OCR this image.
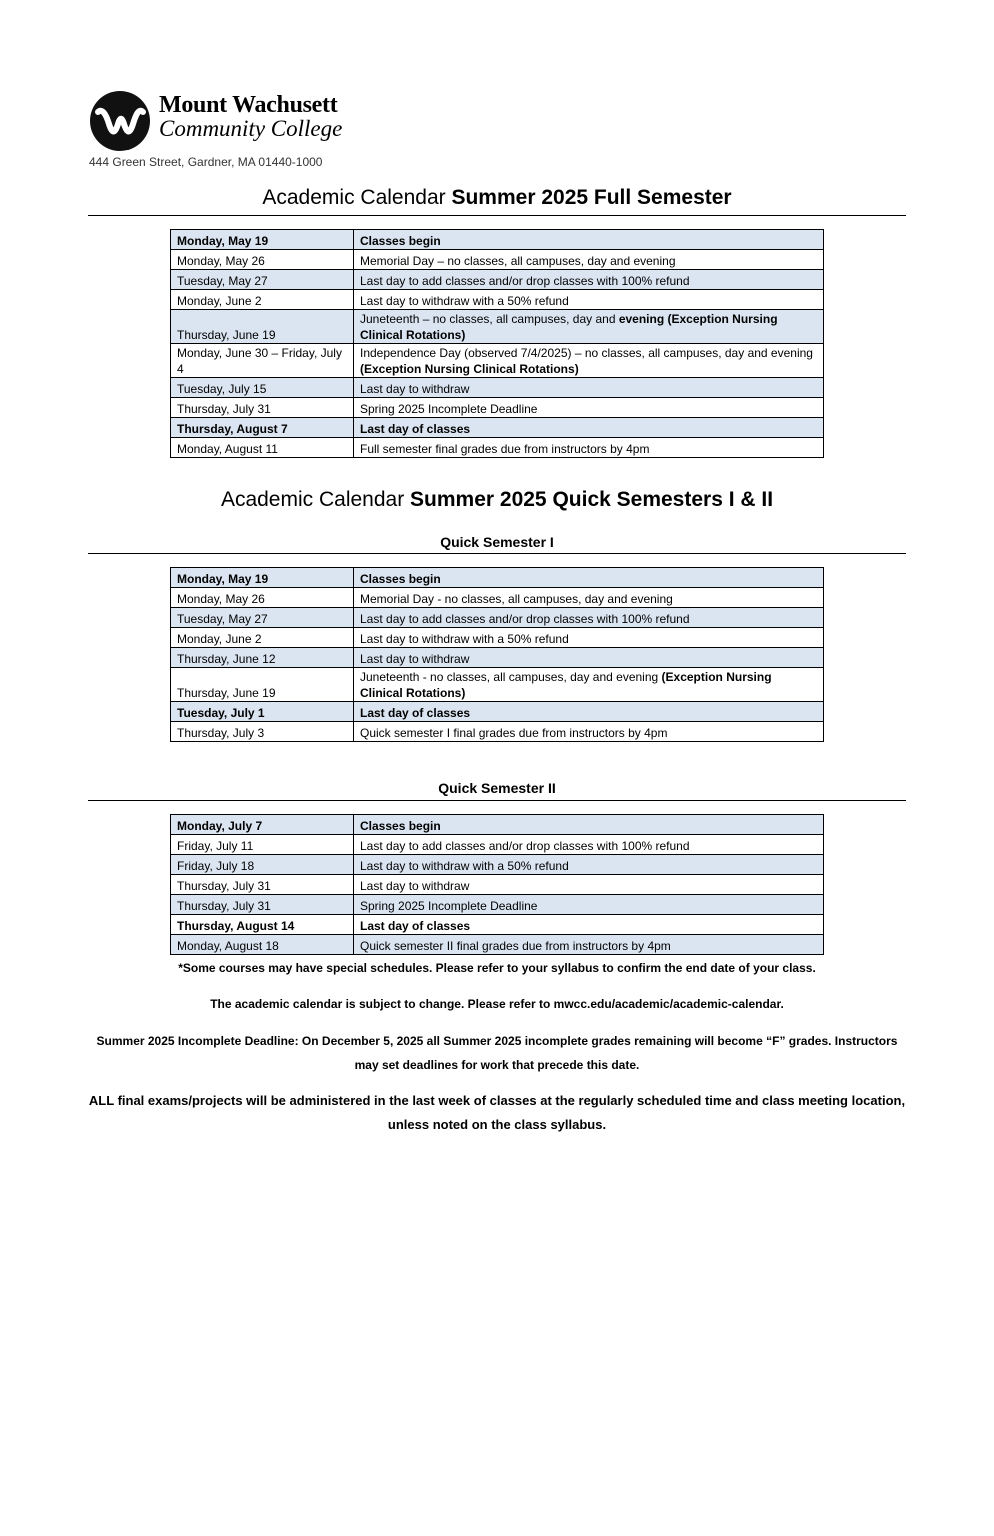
Mount Wachusett
Community College
444 Green Street, Gardner, MA 01440-1000
Academic Calendar Summer 2025 Full Semester
Monday, May 19	Classes begin
Monday, May 26	Memorial Day – no classes, all campuses, day and evening
Tuesday, May 27	Last day to add classes and/or drop classes with 100% refund
Monday, June 2	Last day to withdraw with a 50% refund
Thursday, June 19	Juneteenth – no classes, all campuses, day and evening (Exception Nursing Clinical Rotations)
Monday, June 30 – Friday, July 4	Independence Day (observed 7/4/2025) – no classes, all campuses, day and evening (Exception Nursing Clinical Rotations)
Tuesday, July 15	Last day to withdraw
Thursday, July 31	Spring 2025 Incomplete Deadline
Thursday, August 7	Last day of classes
Monday, August 11	Full semester final grades due from instructors by 4pm
Academic Calendar Summer 2025 Quick Semesters I & II
Quick Semester I
Monday, May 19	Classes begin
Monday, May 26	Memorial Day - no classes, all campuses, day and evening
Tuesday, May 27	Last day to add classes and/or drop classes with 100% refund
Monday, June 2	Last day to withdraw with a 50% refund
Thursday, June 12	Last day to withdraw
Thursday, June 19	Juneteenth - no classes, all campuses, day and evening (Exception Nursing Clinical Rotations)
Tuesday, July 1	Last day of classes
Thursday, July 3	Quick semester I final grades due from instructors by 4pm
Quick Semester II
Monday, July 7	Classes begin
Friday, July 11	Last day to add classes and/or drop classes with 100% refund
Friday, July 18	Last day to withdraw with a 50% refund
Thursday, July 31	Last day to withdraw
Thursday, July 31	Spring 2025 Incomplete Deadline
Thursday, August 14	Last day of classes
Monday, August 18	Quick semester II final grades due from instructors by 4pm
*Some courses may have special schedules. Please refer to your syllabus to confirm the end date of your class.
The academic calendar is subject to change. Please refer to mwcc.edu/academic/academic-calendar.
Summer 2025 Incomplete Deadline: On December 5, 2025 all Summer 2025 incomplete grades remaining will become “F” grades. Instructors may set deadlines for work that precede this date.
ALL final exams/projects will be administered in the last week of classes at the regularly scheduled time and class meeting location, unless noted on the class syllabus.
